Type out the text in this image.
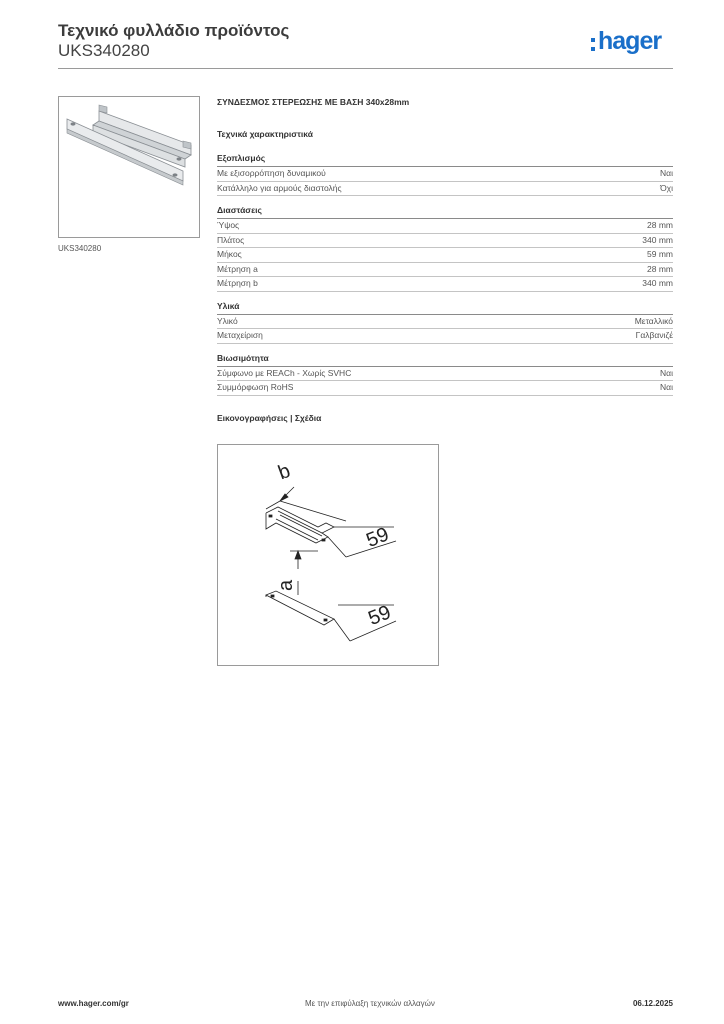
Τεχνικό φυλλάδιο προϊόντος
UKS340280	hager
UKS340280
ΣΥΝΔΕΣΜΟΣ ΣΤΕΡΕΩΣΗΣ ΜΕ ΒΑΣΗ 340x28mm
Τεχνικά χαρακτηριστικά
Εξοπλισμός
Με εξισορρόπηση δυναμικού	Ναι
Κατάλληλο για αρμούς διαστολής	Όχι
Διαστάσεις
Ύψος	28 mm
Πλάτος	340 mm
Μήκος	59 mm
Μέτρηση a	28 mm
Μέτρηση b	340 mm
Υλικά
Υλικό	Μεταλλικό
Μεταχείριση	Γαλβανιζέ
Βιωσιμότητα
Σύμφωνο με REACh - Χωρίς SVHC	Ναι
Συμμόρφωση RoHS	Ναι
Εικονογραφήσεις | Σχέδια
b
59
a
59
www.hager.com/gr	Με την επιφύλαξη τεχνικών αλλαγών	06.12.2025
